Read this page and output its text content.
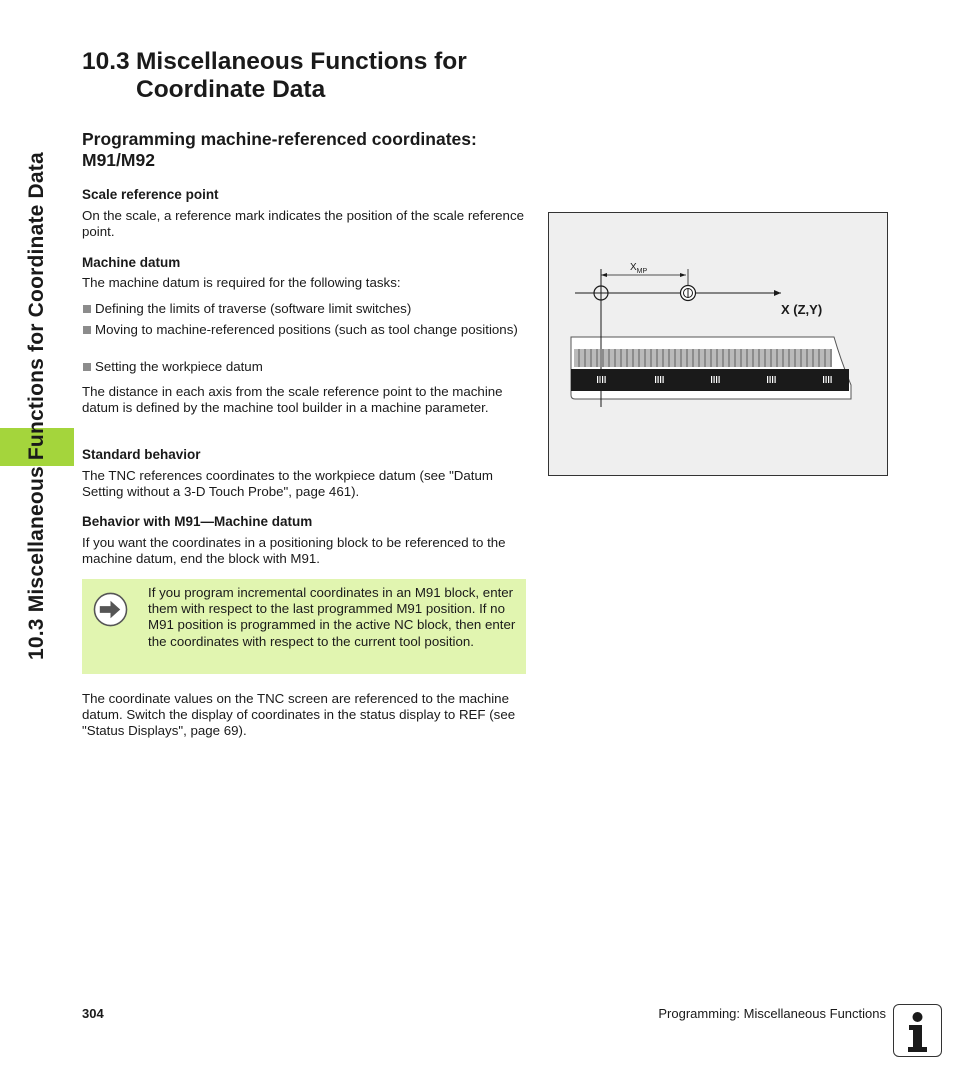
10.3 Miscellaneous Functions for Coordinate Data
10.3 Miscellaneous Functions for
Coordinate Data
Programming machine-referenced coordinates: M91/M92
Scale reference point
On the scale, a reference mark indicates the position of the scale reference point.
Machine datum
The machine datum is required for the following tasks:
Defining the limits of traverse (software limit switches)
Moving to machine-referenced positions (such as tool change positions)
Setting the workpiece datum
The distance in each axis from the scale reference point to the machine datum is defined by the machine tool builder in a machine parameter.
Standard behavior
The TNC references coordinates to the workpiece datum (see "Datum Setting without a 3-D Touch Probe", page 461).
Behavior with M91—Machine datum
If you want the coordinates in a positioning block to be referenced to the machine datum, end the block with M91.
If you program incremental coordinates in an M91 block, enter them with respect to the last programmed M91 position. If no M91 position is programmed in the active NC block, then enter the coordinates with respect to the current tool position.
The coordinate values on the TNC screen are referenced to the machine datum. Switch the display of coordinates in the status display to REF (see "Status Displays", page 69).
$X_{MP}$
X (Z,Y)
304	Programming: Miscellaneous Functions
